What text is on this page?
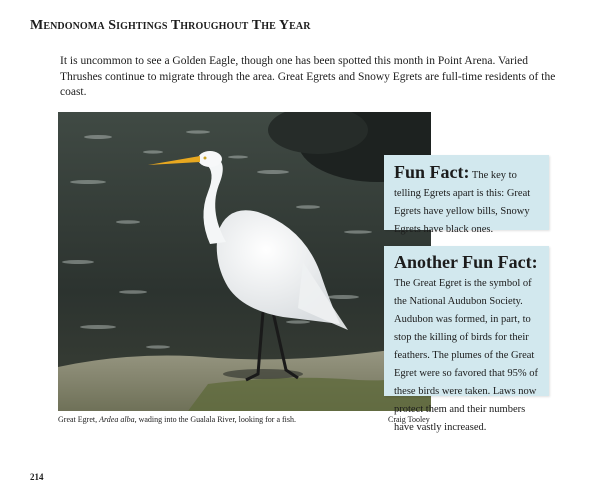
Mendonoma Sightings Throughout The Year

It is uncommon to see a Golden Eagle, though one has been spotted this month in Point Arena. Varied Thrushes continue to migrate through the area. Great Egrets and Snowy Egrets are full-time residents of the coast.

Fun Fact: The key to telling Egrets apart is this: Great Egrets have yellow bills, Snowy Egrets have black ones.
Another Fun Fact:
The Great Egret is the symbol of the National Audubon Society. Audubon was formed, in part, to stop the killing of birds for their feathers. The plumes of the Great Egret were so favored that 95% of these birds were taken. Laws now protect them and their numbers have vastly increased.
Great Egret, Ardea alba, wading into the Gualala River, looking for a fish.	Craig Tooley
214
